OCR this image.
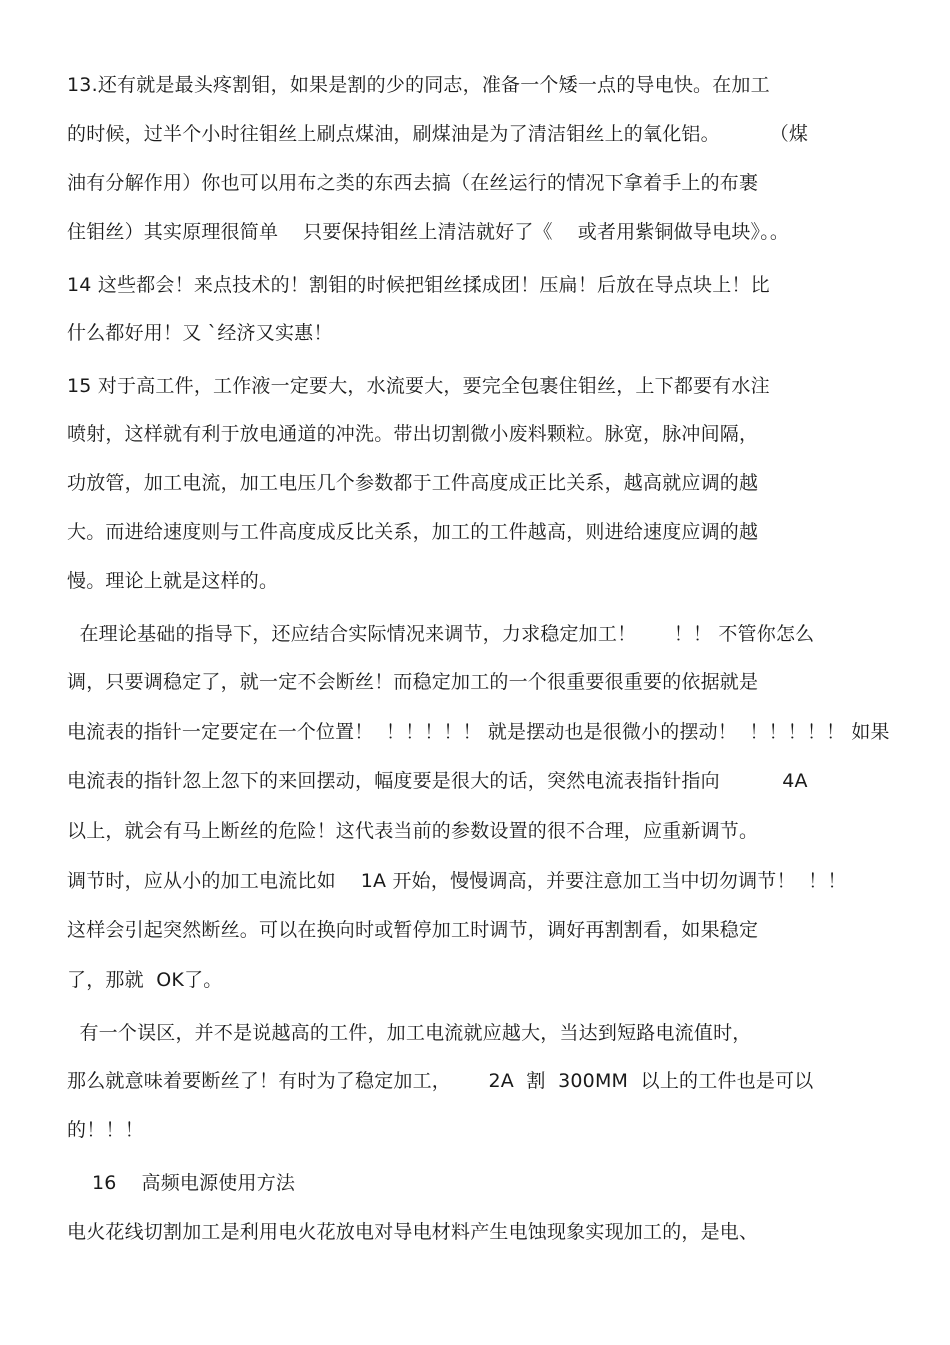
13.还有就是最头疼割钼，如果是割的少的同志，准备一个矮一点的导电快。在加工
的时候，过半个小时往钼丝上刷点煤油，刷煤油是为了清洁钼丝上的氧化铝。        （煤
油有分解作用）你也可以用布之类的东西去搞（在丝运行的情况下拿着手上的布裹
住钼丝）其实原理很简单    只要保持钼丝上清洁就好了《    或者用紫铜做导电块》。。
14 这些都会！来点技术的！割钼的时候把钼丝揉成团！压扁！后放在导点块上！比
什么都好用！又 `经济又实惠！
15 对于高工件，工作液一定要大，水流要大，要完全包裹住钼丝，上下都要有水注
喷射，这样就有利于放电通道的冲洗。带出切割微小废料颗粒。脉宽，脉冲间隔，
功放管，加工电流，加工电压几个参数都于工件高度成正比关系，越高就应调的越
大。而进给速度则与工件高度成反比关系，加工的工件越高，则进给速度应调的越
慢。理论上就是这样的。
在理论基础的指导下，还应结合实际情况来调节，力求稳定加工！      ！！ 不管你怎么
调，只要调稳定了，就一定不会断丝！而稳定加工的一个很重要很重要的依据就是
电流表的指针一定要定在一个位置！  ！！！！！ 就是摆动也是很微小的摆动！  ！！！！！ 如果
电流表的指针忽上忽下的来回摆动，幅度要是很大的话，突然电流表指针指向          4A
以上，就会有马上断丝的危险！这代表当前的参数设置的很不合理，应重新调节。
调节时，应从小的加工电流比如    1A 开始，慢慢调高，并要注意加工当中切勿调节！  ！！
这样会引起突然断丝。可以在换向时或暂停加工时调节，调好再割割看，如果稳定
了，那就  OK了。
有一个误区，并不是说越高的工件，加工电流就应越大，当达到短路电流值时，
那么就意味着要断丝了！有时为了稳定加工，      2A  割  300MM  以上的工件也是可以
的！！！
16    高频电源使用方法
电火花线切割加工是利用电火花放电对导电材料产生电蚀现象实现加工的，是电、
